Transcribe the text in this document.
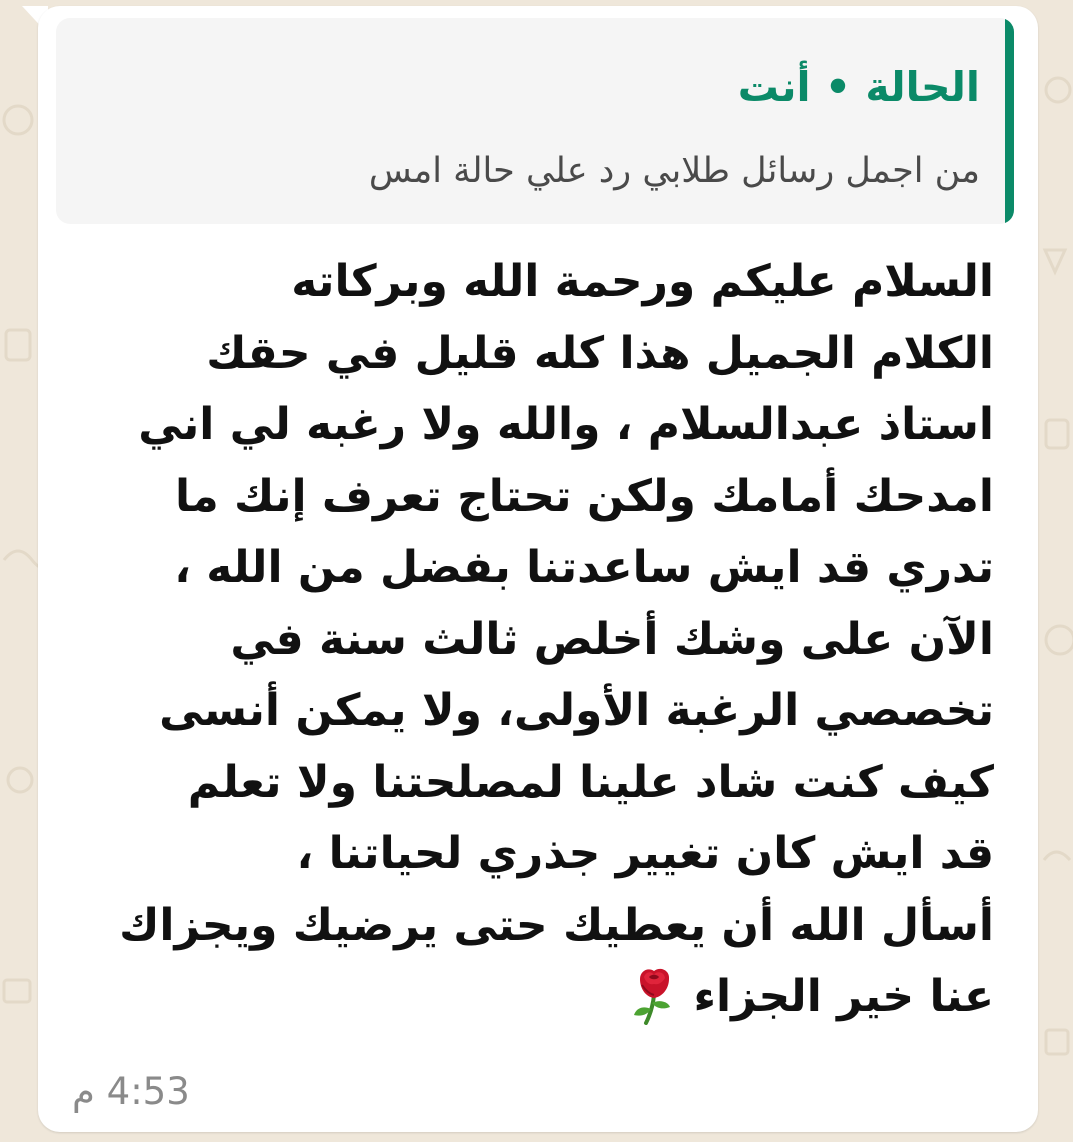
الحالة • أنت
من اجمل رسائل طلابي رد علي حالة امس
السلام عليكم ورحمة الله وبركاته
الكلام الجميل هذا كله قليل في حقك
استاذ عبدالسلام ، والله ولا رغبه لي اني
امدحك أمامك ولكن تحتاج تعرف إنك ما
تدري قد ايش ساعدتنا بفضل من الله ،
الآن على وشك أخلص ثالث سنة في
تخصصي الرغبة الأولى، ولا يمكن أنسى
كيف كنت شاد علينا لمصلحتنا ولا تعلم
قد ايش كان تغيير جذري لحياتنا ،
أسأل الله أن يعطيك حتى يرضيك ويجزاك
عنا خير الجزاء
4:53 م
